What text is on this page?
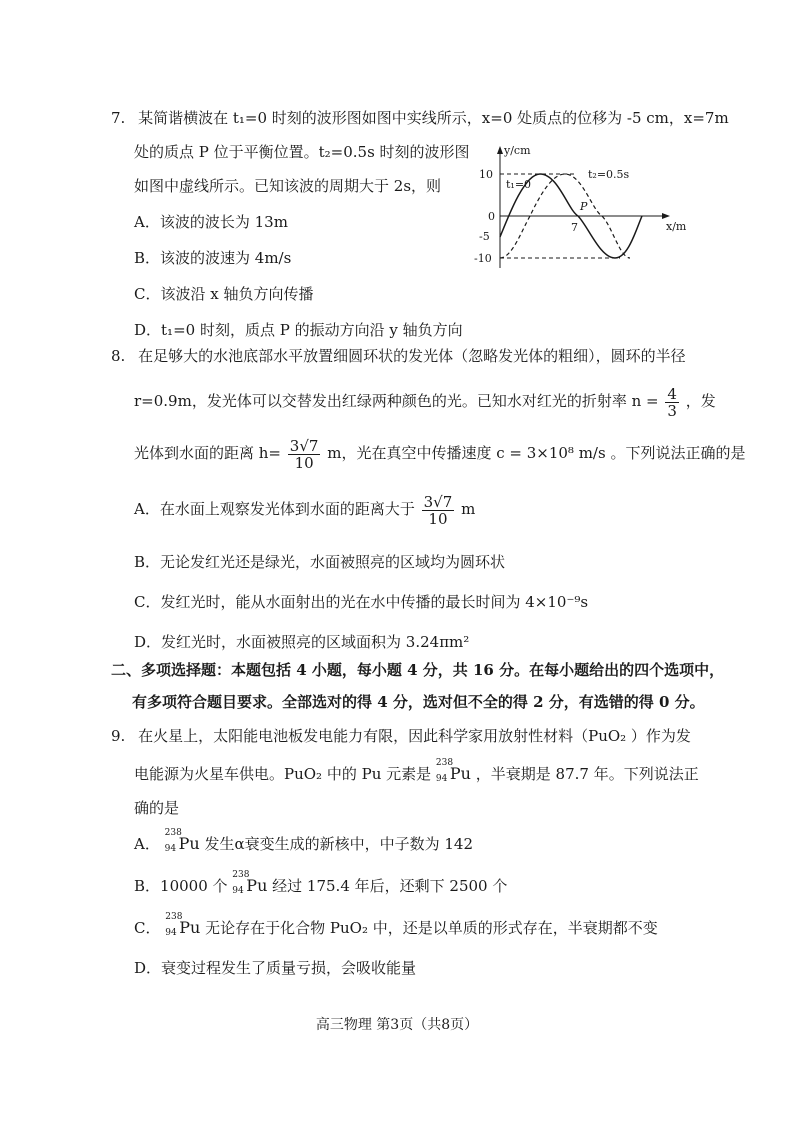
7. 某简谐横波在 t₁=0 时刻的波形图如图中实线所示，x=0 处质点的位移为 -5 cm，x=7m
处的质点 P 位于平衡位置。t₂=0.5s 时刻的波形图
如图中虚线所示。已知该波的周期大于 2s，则
A．该波的波长为 13m
B．该波的波速为 4m/s
C．该波沿 x 轴负方向传播
D．t₁=0 时刻，质点 P 的振动方向沿 y 轴负方向
y/cm
x/m
t₁=0
t₂=0.5s
P
0
7
10
-5
-10
8. 在足够大的水池底部水平放置细圆环状的发光体（忽略发光体的粗细），圆环的半径
r=0.9m，发光体可以交替发出红绿两种颜色的光。已知水对红光的折射率 $n = \frac{4}{3}$ ，发
光体到水面的距离 $h= \frac{3√7}{10}$ m，光在真空中传播速度 c = 3×10⁸ m/s 。下列说法正确的是
A．在水面上观察发光体到水面的距离大于 $\frac{3√7}{10}$ m
B．无论发红光还是绿光，水面被照亮的区域均为圆环状
C．发红光时，能从水面射出的光在水中传播的最长时间为 4×10⁻⁹s
D．发红光时，水面被照亮的区域面积为 3.24πm²
二、多项选择题：本题包括 4 小题，每小题 4 分，共 16 分。在每小题给出的四个选项中，
有多项符合题目要求。全部选对的得 4 分，选对但不全的得 2 分，有选错的得 0 分。
9. 在火星上，太阳能电池板发电能力有限，因此科学家用放射性材料（PuO₂ ）作为发
电能源为火星车供电。PuO₂ 中的 Pu 元素是
238
94 Pu ，半衰期是 87.7 年。下列说法正
确的是
A．
238
94 Pu 发生α衰变生成的新核中，中子数为 142
B．10000 个
238
94 Pu 经过 175.4 年后，还剩下 2500 个
C．
238
94 Pu 无论存在于化合物 PuO₂ 中，还是以单质的形式存在，半衰期都不变
D．衰变过程发生了质量亏损，会吸收能量
高三物理 第3页（共8页）
